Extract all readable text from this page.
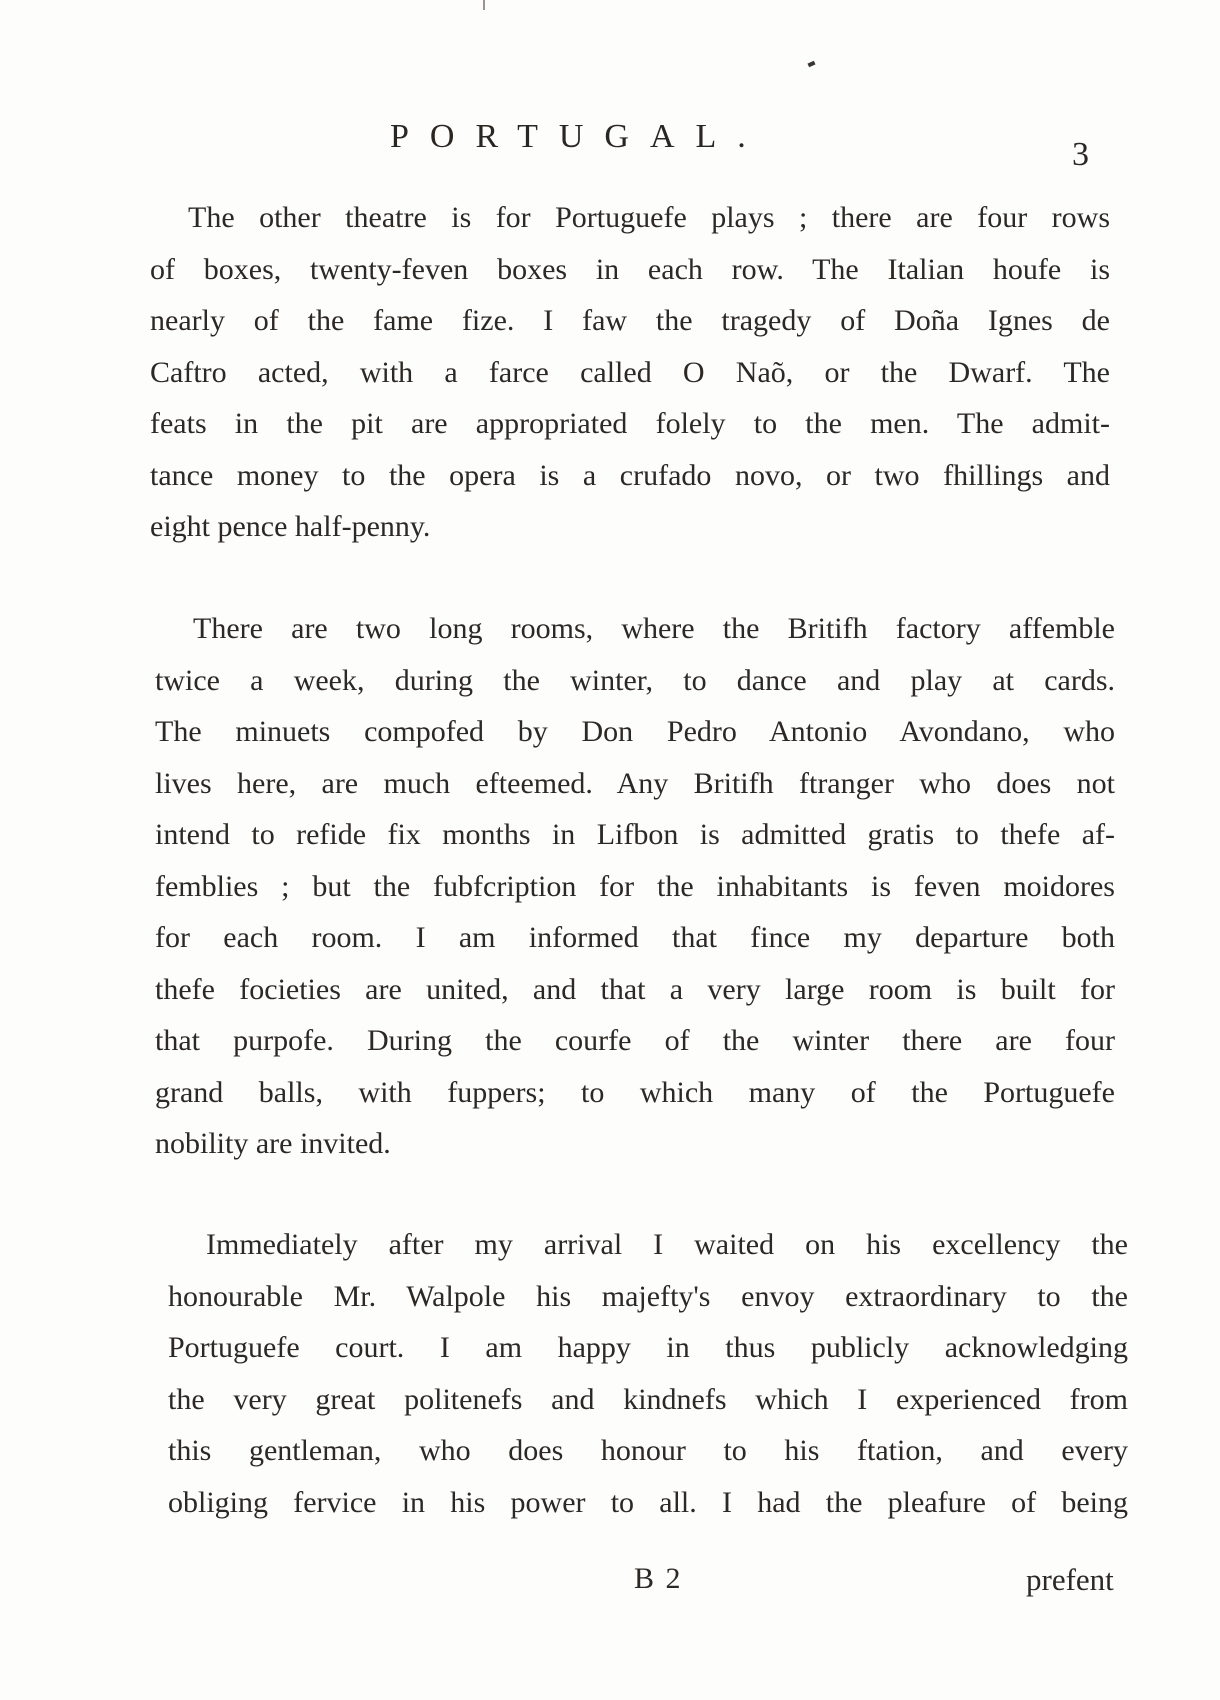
PORTUGAL.	3
The other theatre is for Portuguefe plays ; there are four rows
of boxes, twenty-feven boxes in each row. The Italian houfe is
nearly of the fame fize. I faw the tragedy of Doña Ignes de
Caftro acted, with a farce called O Naõ, or the Dwarf. The
feats in the pit are appropriated folely to the men. The admit-
tance money to the opera is a crufado novo, or two fhillings and
eight pence half-penny.
There are two long rooms, where the Britifh factory affemble
twice a week, during the winter, to dance and play at cards.
The minuets compofed by Don Pedro Antonio Avondano, who
lives here, are much efteemed. Any Britifh ftranger who does not
intend to refide fix months in Lifbon is admitted gratis to thefe af-
femblies ; but the fubfcription for the inhabitants is feven moidores
for each room. I am informed that fince my departure both
thefe focieties are united, and that a very large room is built for
that purpofe. During the courfe of the winter there are four
grand balls, with fuppers; to which many of the Portuguefe
nobility are invited.
Immediately after my arrival I waited on his excellency the
honourable Mr. Walpole his majefty's envoy extraordinary to the
Portuguefe court. I am happy in thus publicly acknowledging
the very great politenefs and kindnefs which I experienced from
this gentleman, who does honour to his ftation, and every
obliging fervice in his power to all. I had the pleafure of being
B 2	prefent
